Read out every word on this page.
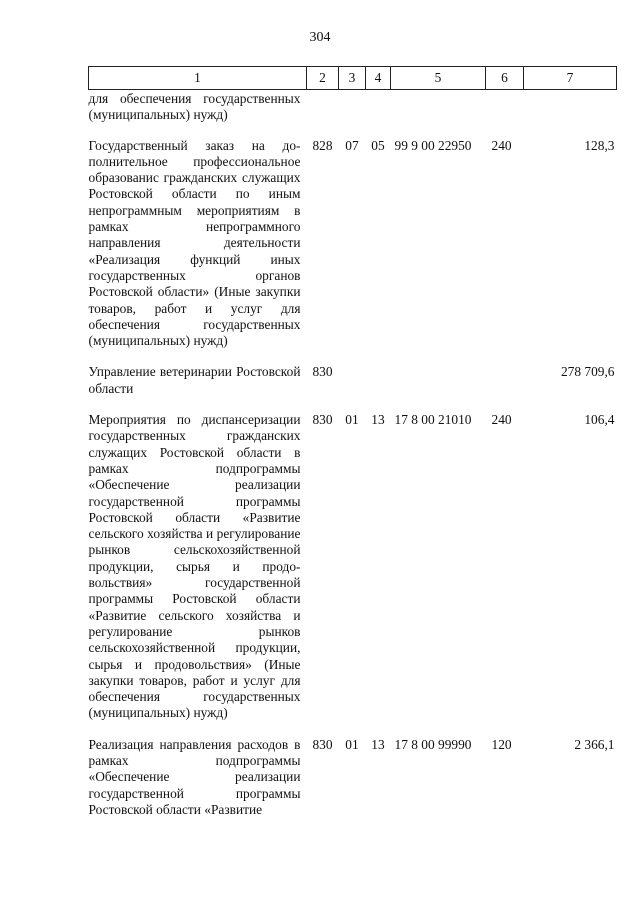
304
1	2	3	4	5	6	7
для обеспечения государственных (муниципальных) нужд)						
Государственный заказ на дополнительное профессиональное образованис гражданских служащих Ростовской области по иным непрограммным мероприятиям в рамках непрограммного направления деятельности «Реализация функций иных государственных органов Ростовской области» (Иные закупки товаров, работ и услуг для обеспечения государственных (муниципальных) нужд)	828	07	05	99 9 00 22950	240	128,3
Управление ветеринарии Ростовской области	830					278 709,6
Мероприятия по диспансеризации государственных гражданских служащих Ростовской области в рамках подпрограммы «Обеспечение реализации государственной программы Ростовской области «Развитие сельского хозяйства и регулирование рынков сельскохозяйственной продукции, сырья и продовольствия» государственной программы Ростовской области «Развитие сельского хозяйства и регулирование рынков сельскохозяйственной продукции, сырья и продовольствия» (Иные закупки товаров, работ и услуг для обеспечения государственных (муниципальных) нужд)	830	01	13	17 8 00 21010	240	106,4
Реализация направления расходов в рамках подпрограммы «Обеспечение реализации государственной программы Ростовской области «Развитие	830	01	13	17 8 00 99990	120	2 366,1
